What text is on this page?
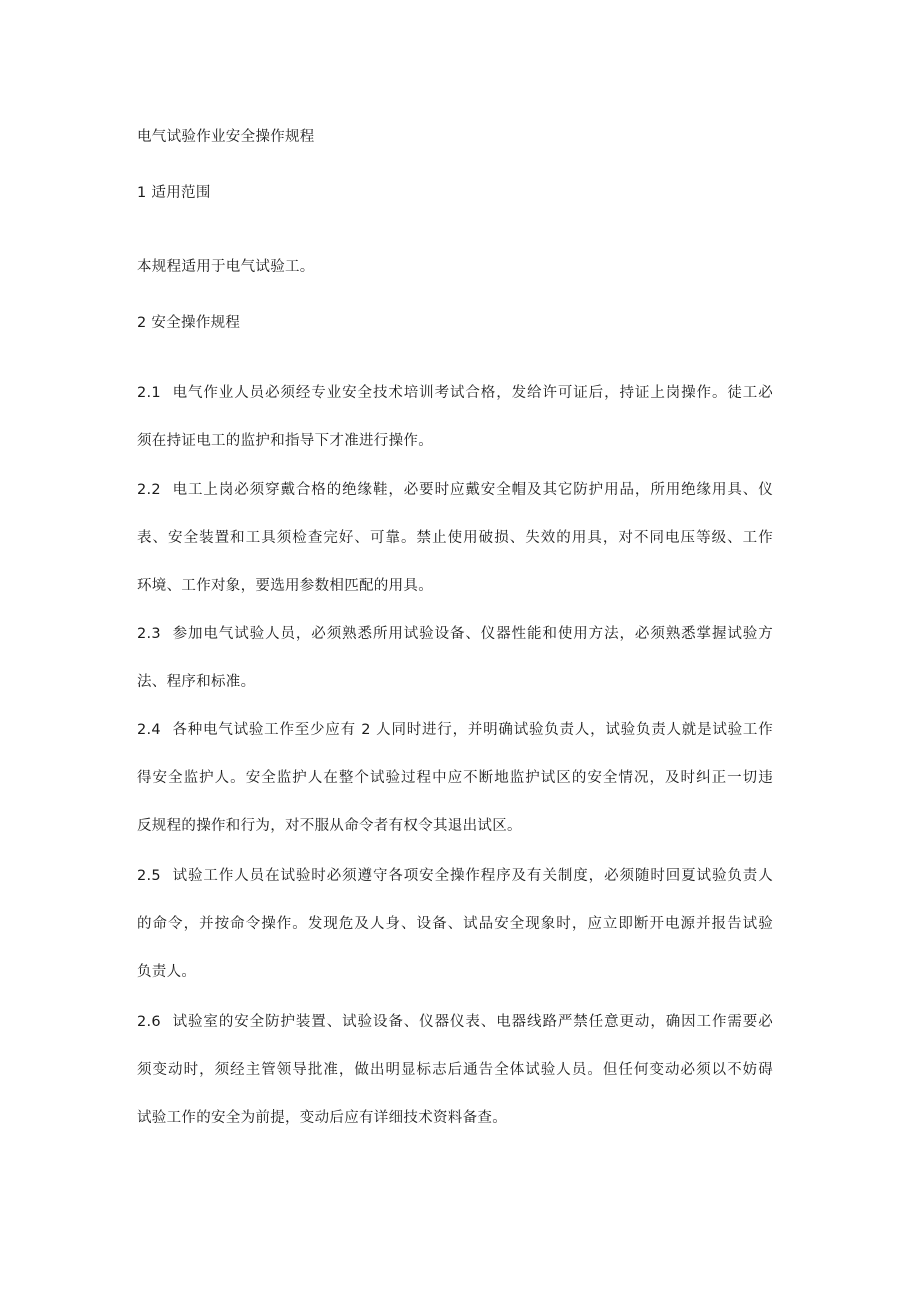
电气试验作业安全操作规程
1 适用范围
本规程适用于电气试验工。
2 安全操作规程
2.1 电气作业人员必须经专业安全技术培训考试合格，发给许可证后，持证上岗操作。徒工必
须在持证电工的监护和指导下才准进行操作。
2.2 电工上岗必须穿戴合格的绝缘鞋，必要时应戴安全帽及其它防护用品，所用绝缘用具、仪
表、安全装置和工具须检查完好、可靠。禁止使用破损、失效的用具，对不同电压等级、工作
环境、工作对象，要选用参数相匹配的用具。
2.3 参加电气试验人员，必须熟悉所用试验设备、仪器性能和使用方法，必须熟悉掌握试验方
法、程序和标准。
2.4 各种电气试验工作至少应有 2 人同时进行，并明确试验负责人，试验负责人就是试验工作
得安全监护人。安全监护人在整个试验过程中应不断地监护试区的安全情况，及时纠正一切违
反规程的操作和行为，对不服从命令者有权令其退出试区。
2.5 试验工作人员在试验时必须遵守各项安全操作程序及有关制度，必须随时回夏试验负责人
的命令，并按命令操作。发现危及人身、设备、试品安全现象时，应立即断开电源并报告试验
负责人。
2.6 试验室的安全防护装置、试验设备、仪器仪表、电器线路严禁任意更动，确因工作需要必
须变动时，须经主管领导批准，做出明显标志后通告全体试验人员。但任何变动必须以不妨碍
试验工作的安全为前提，变动后应有详细技术资料备查。
